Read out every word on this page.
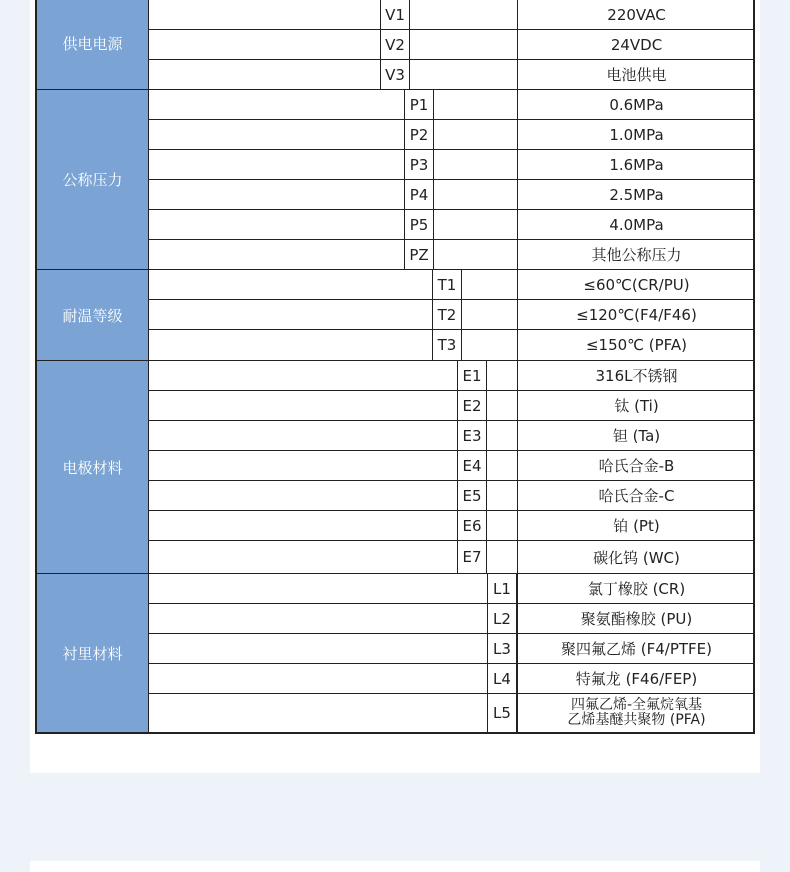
供电电源
V1	220VAC
V2	24VDC
V3	电池供电
公称压力
P1	0.6MPa
P2	1.0MPa
P3	1.6MPa
P4	2.5MPa
P5	4.0MPa
PZ	其他公称压力
耐温等级
T1	≤60℃(CR/PU)
T2	≤120℃(F4/F46)
T3	≤150℃ (PFA)
电极材料
E1	316L不锈钢
E2	钛 (Ti)
E3	钽 (Ta)
E4	哈氏合金-B
E5	哈氏合金-C
E6	铂 (Pt)
E7	碳化钨 (WC)
衬里材料
L1	氯丁橡胶 (CR)
L2	聚氨酯橡胶 (PU)
L3	聚四氟乙烯 (F4/PTFE)
L4	特氟龙 (F46/FEP)
L5	四氟乙烯-全氟烷氧基
乙烯基醚共聚物 (PFA)
